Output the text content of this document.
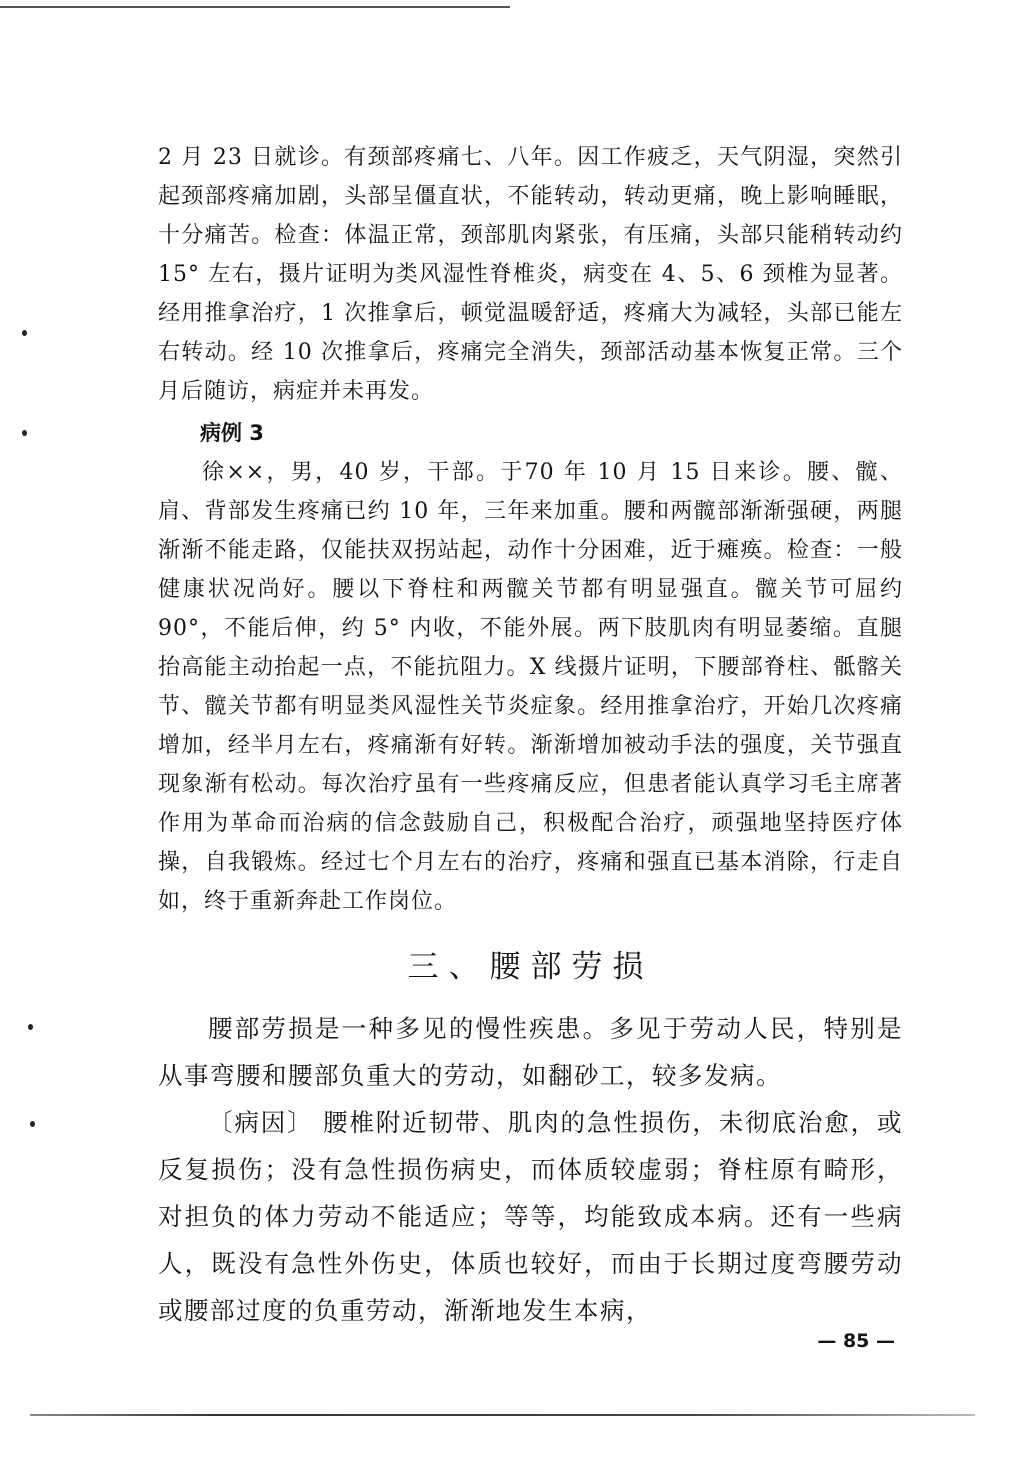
2 月 23 日就诊。有颈部疼痛七、八年。因工作疲乏，天气阴湿，突然引起颈部疼痛加剧，头部呈僵直状，不能转动，转动更痛，晚上影响睡眠，十分痛苦。检查：体温正常，颈部肌肉紧张，有压痛，头部只能稍转动约 15° 左右，摄片证明为类风湿性脊椎炎，病变在 4、5、6 颈椎为显著。经用推拿治疗，1 次推拿后，顿觉温暖舒适，疼痛大为减轻，头部已能左右转动。经 10 次推拿后，疼痛完全消失，颈部活动基本恢复正常。三个月后随访，病症并未再发。

病例 3

徐××，男，40 岁，干部。于70 年 10 月 15 日来诊。腰、髋、肩、背部发生疼痛已约 10 年，三年来加重。腰和两髋部渐渐强硬，两腿渐渐不能走路，仅能扶双拐站起，动作十分困难，近于瘫痪。检查：一般健康状况尚好。腰以下脊柱和两髋关节都有明显强直。髋关节可屈约 90°，不能后伸，约 5° 内收，不能外展。两下肢肌肉有明显萎缩。直腿抬高能主动抬起一点，不能抗阻力。X 线摄片证明，下腰部脊柱、骶髂关节、髋关节都有明显类风湿性关节炎症象。经用推拿治疗，开始几次疼痛增加，经半月左右，疼痛渐有好转。渐渐增加被动手法的强度，关节强直现象渐有松动。每次治疗虽有一些疼痛反应，但患者能认真学习毛主席著作用为革命而治病的信念鼓励自己，积极配合治疗，顽强地坚持医疗体操，自我锻炼。经过七个月左右的治疗，疼痛和强直已基本消除，行走自如，终于重新奔赴工作岗位。

三、腰部劳损

腰部劳损是一种多见的慢性疾患。多见于劳动人民，特别是从事弯腰和腰部负重大的劳动，如翻砂工，较多发病。

〔病因〕 腰椎附近韧带、肌肉的急性损伤，未彻底治愈，或反复损伤；没有急性损伤病史，而体质较虚弱；脊柱原有畸形，对担负的体力劳动不能适应；等等，均能致成本病。还有一些病人，既没有急性外伤史，体质也较好，而由于长期过度弯腰劳动或腰部过度的负重劳动，渐渐地发生本病，

— 85 —
